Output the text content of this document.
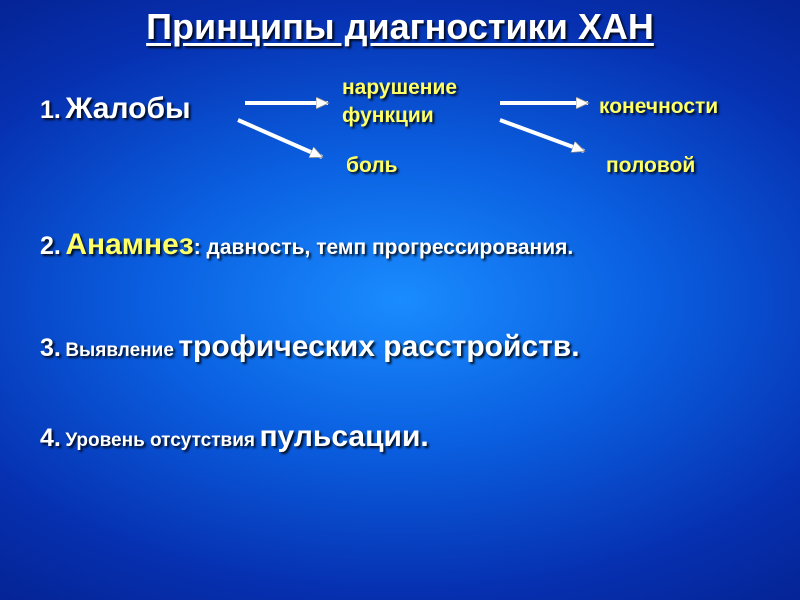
Принципы диагностики ХАН
1. Жалобы
нарушение функции
боль
конечности
половой
2. Анамнез: давность, темп прогрессирования.
3. Выявление трофических расстройств.
4. Уровень отсутствия пульсации.
